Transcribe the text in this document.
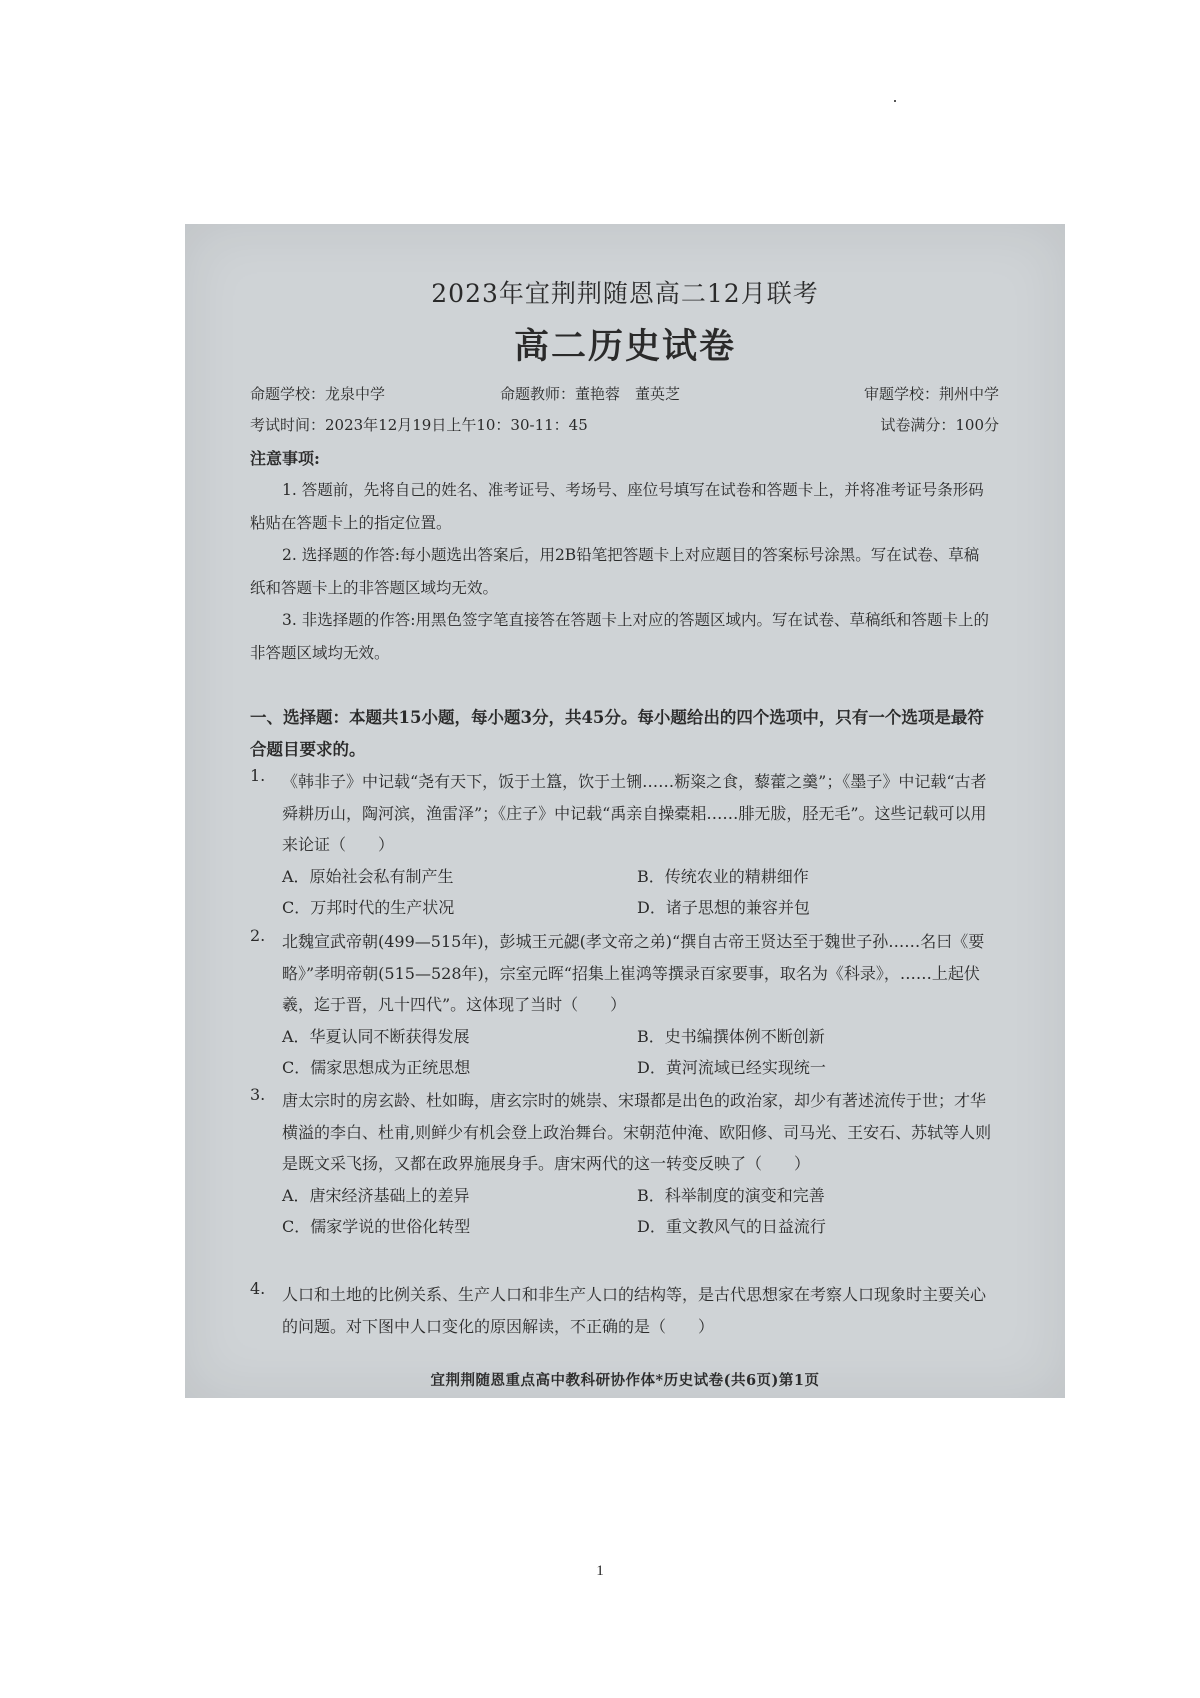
2023年宜荆荆随恩高二12月联考
高二历史试卷
命题学校：龙泉中学	命题教师：董艳蓉　董英芝	审题学校：荆州中学
考试时间：2023年12月19日上午10：30-11：45	试卷满分：100分
注意事项:
1. 答题前，先将自己的姓名、准考证号、考场号、座位号填写在试卷和答题卡上，并将准考证号条形码粘贴在答题卡上的指定位置。
2. 选择题的作答:每小题选出答案后，用2B铅笔把答题卡上对应题目的答案标号涂黑。写在试卷、草稿纸和答题卡上的非答题区域均无效。
3. 非选择题的作答:用黑色签字笔直接答在答题卡上对应的答题区域内。写在试卷、草稿纸和答题卡上的非答题区域均无效。
一、选择题：本题共15小题，每小题3分，共45分。每小题给出的四个选项中，只有一个选项是最符合题目要求的。
1. 《韩非子》中记载“尧有天下，饭于土簋，饮于土铏……粝粢之食，藜藿之羹”；《墨子》中记载“古者舜耕历山，陶河滨，渔雷泽”；《庄子》中记载“禹亲自操橐耜……腓无胈，胫无毛”。这些记载可以用来论证（　　）
A．原始社会私有制产生	B．传统农业的精耕细作
C．万邦时代的生产状况	D．诸子思想的兼容并包
2. 北魏宣武帝朝(499—515年)，彭城王元勰(孝文帝之弟)“撰自古帝王贤达至于魏世子孙……名曰《要略》”孝明帝朝(515—528年)，宗室元晖“招集上崔鸿等撰录百家要事，取名为《科录》，……上起伏羲，迄于晋，凡十四代”。这体现了当时（　　）
A．华夏认同不断获得发展	B．史书编撰体例不断创新
C．儒家思想成为正统思想	D．黄河流域已经实现统一
3. 唐太宗时的房玄龄、杜如晦，唐玄宗时的姚崇、宋璟都是出色的政治家，却少有著述流传于世；才华横溢的李白、杜甫,则鲜少有机会登上政治舞台。宋朝范仲淹、欧阳修、司马光、王安石、苏轼等人则是既文采飞扬，又都在政界施展身手。唐宋两代的这一转变反映了（　　）
A．唐宋经济基础上的差异	B．科举制度的演变和完善
C．儒家学说的世俗化转型	D．重文教风气的日益流行
4. 人口和土地的比例关系、生产人口和非生产人口的结构等，是古代思想家在考察人口现象时主要关心的问题。对下图中人口变化的原因解读，不正确的是（　　）
宜荆荆随恩重点高中教科研协作体*历史试卷(共6页)第1页
1
